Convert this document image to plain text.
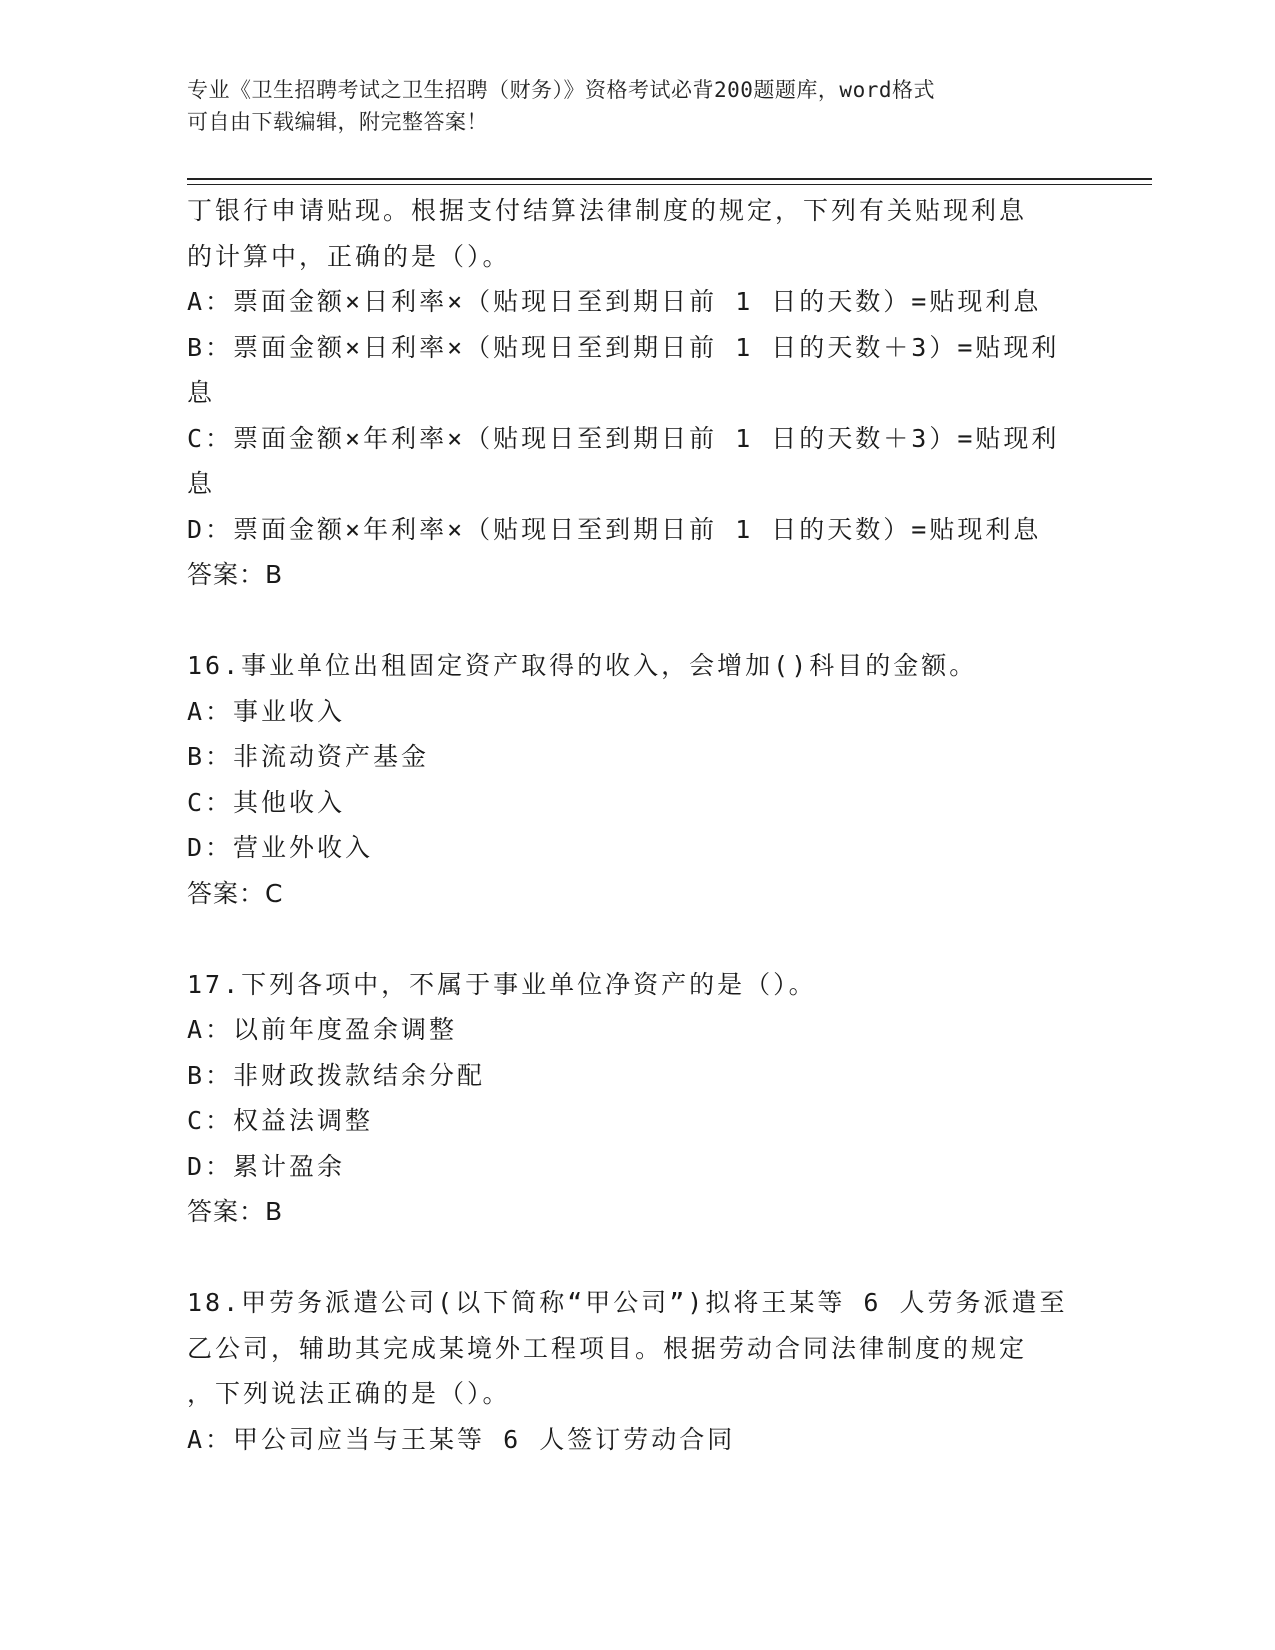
专业《卫生招聘考试之卫生招聘（财务）》资格考试必背200题题库，word格式
可自由下载编辑，附完整答案！
丁银行申请贴现。根据支付结算法律制度的规定，下列有关贴现利息
的计算中，正确的是（）。
A：票面金额×日利率×（贴现日至到期日前 1 日的天数）=贴现利息
B：票面金额×日利率×（贴现日至到期日前 1 日的天数＋3）=贴现利
息
C：票面金额×年利率×（贴现日至到期日前 1 日的天数＋3）=贴现利
息
D：票面金额×年利率×（贴现日至到期日前 1 日的天数）=贴现利息
答案：B
16.事业单位出租固定资产取得的收入，会增加()科目的金额。
A：事业收入
B：非流动资产基金
C：其他收入
D：营业外收入
答案：C
17.下列各项中，不属于事业单位净资产的是（）。
A：以前年度盈余调整
B：非财政拨款结余分配
C：权益法调整
D：累计盈余
答案：B
18.甲劳务派遣公司(以下简称“甲公司”)拟将王某等 6 人劳务派遣至
乙公司，辅助其完成某境外工程项目。根据劳动合同法律制度的规定
，下列说法正确的是（）。
A：甲公司应当与王某等 6 人签订劳动合同
